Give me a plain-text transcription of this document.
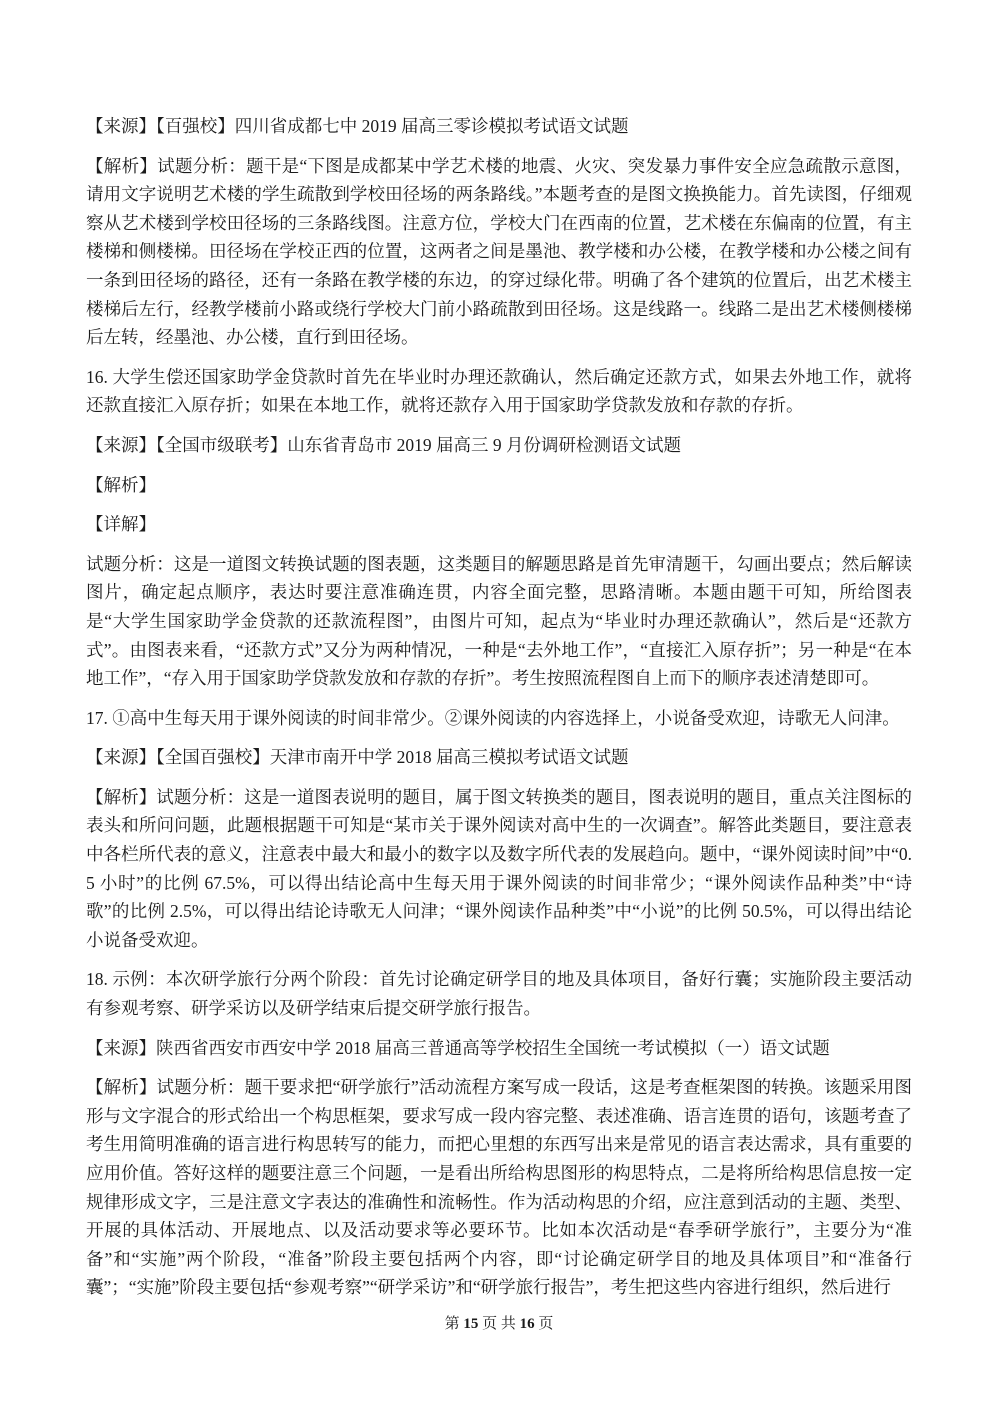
【来源】【百强校】四川省成都七中 2019 届高三零诊模拟考试语文试题

【解析】试题分析：题干是“下图是成都某中学艺术楼的地震、火灾、突发暴力事件安全应急疏散示意图，请用文字说明艺术楼的学生疏散到学校田径场的两条路线。”本题考查的是图文换换能力。首先读图，仔细观察从艺术楼到学校田径场的三条路线图。注意方位，学校大门在西南的位置，艺术楼在东偏南的位置，有主楼梯和侧楼梯。田径场在学校正西的位置，这两者之间是墨池、教学楼和办公楼，在教学楼和办公楼之间有一条到田径场的路径，还有一条路在教学楼的东边，的穿过绿化带。明确了各个建筑的位置后，出艺术楼主楼梯后左行，经教学楼前小路或绕行学校大门前小路疏散到田径场。这是线路一。线路二是出艺术楼侧楼梯后左转，经墨池、办公楼，直行到田径场。

16. 大学生偿还国家助学金贷款时首先在毕业时办理还款确认，然后确定还款方式，如果去外地工作，就将还款直接汇入原存折；如果在本地工作，就将还款存入用于国家助学贷款发放和存款的存折。

【来源】【全国市级联考】山东省青岛市 2019 届高三 9 月份调研检测语文试题

【解析】

【详解】

试题分析：这是一道图文转换试题的图表题，这类题目的解题思路是首先审清题干，勾画出要点；然后解读图片，确定起点顺序，表达时要注意准确连贯，内容全面完整，思路清晰。本题由题干可知，所给图表是“大学生国家助学金贷款的还款流程图”，由图片可知，起点为“毕业时办理还款确认”，然后是“还款方式”。由图表来看，“还款方式”又分为两种情况，一种是“去外地工作”，“直接汇入原存折”；另一种是“在本地工作”，“存入用于国家助学贷款发放和存款的存折”。考生按照流程图自上而下的顺序表述清楚即可。

17. ①高中生每天用于课外阅读的时间非常少。②课外阅读的内容选择上，小说备受欢迎，诗歌无人问津。

【来源】【全国百强校】天津市南开中学 2018 届高三模拟考试语文试题

【解析】试题分析：这是一道图表说明的题目，属于图文转换类的题目，图表说明的题目，重点关注图标的表头和所问问题，此题根据题干可知是“某市关于课外阅读对高中生的一次调查”。解答此类题目，要注意表中各栏所代表的意义，注意表中最大和最小的数字以及数字所代表的发展趋向。题中，“课外阅读时间”中“0.5 小时”的比例 67.5%，可以得出结论高中生每天用于课外阅读的时间非常少；“课外阅读作品种类”中“诗歌”的比例 2.5%，可以得出结论诗歌无人问津；“课外阅读作品种类”中“小说”的比例 50.5%，可以得出结论小说备受欢迎。

18. 示例：本次研学旅行分两个阶段：首先讨论确定研学目的地及具体项目，备好行囊；实施阶段主要活动有参观考察、研学采访以及研学结束后提交研学旅行报告。

【来源】陕西省西安市西安中学 2018 届高三普通高等学校招生全国统一考试模拟（一）语文试题

【解析】试题分析：题干要求把“研学旅行”活动流程方案写成一段话，这是考查框架图的转换。该题采用图形与文字混合的形式给出一个构思框架，要求写成一段内容完整、表述准确、语言连贯的语句，该题考查了考生用简明准确的语言进行构思转写的能力，而把心里想的东西写出来是常见的语言表达需求，具有重要的应用价值。答好这样的题要注意三个问题，一是看出所给构思图形的构思特点，二是将所给构思信息按一定规律形成文字，三是注意文字表达的准确性和流畅性。作为活动构思的介绍，应注意到活动的主题、类型、开展的具体活动、开展地点、以及活动要求等必要环节。比如本次活动是“春季研学旅行”，主要分为“准备”和“实施”两个阶段，“准备”阶段主要包括两个内容，即“讨论确定研学目的地及具体项目”和“准备行囊”；“实施”阶段主要包括“参观考察”“研学采访”和“研学旅行报告”，考生把这些内容进行组织，然后进行

第 15 页 共 16 页
